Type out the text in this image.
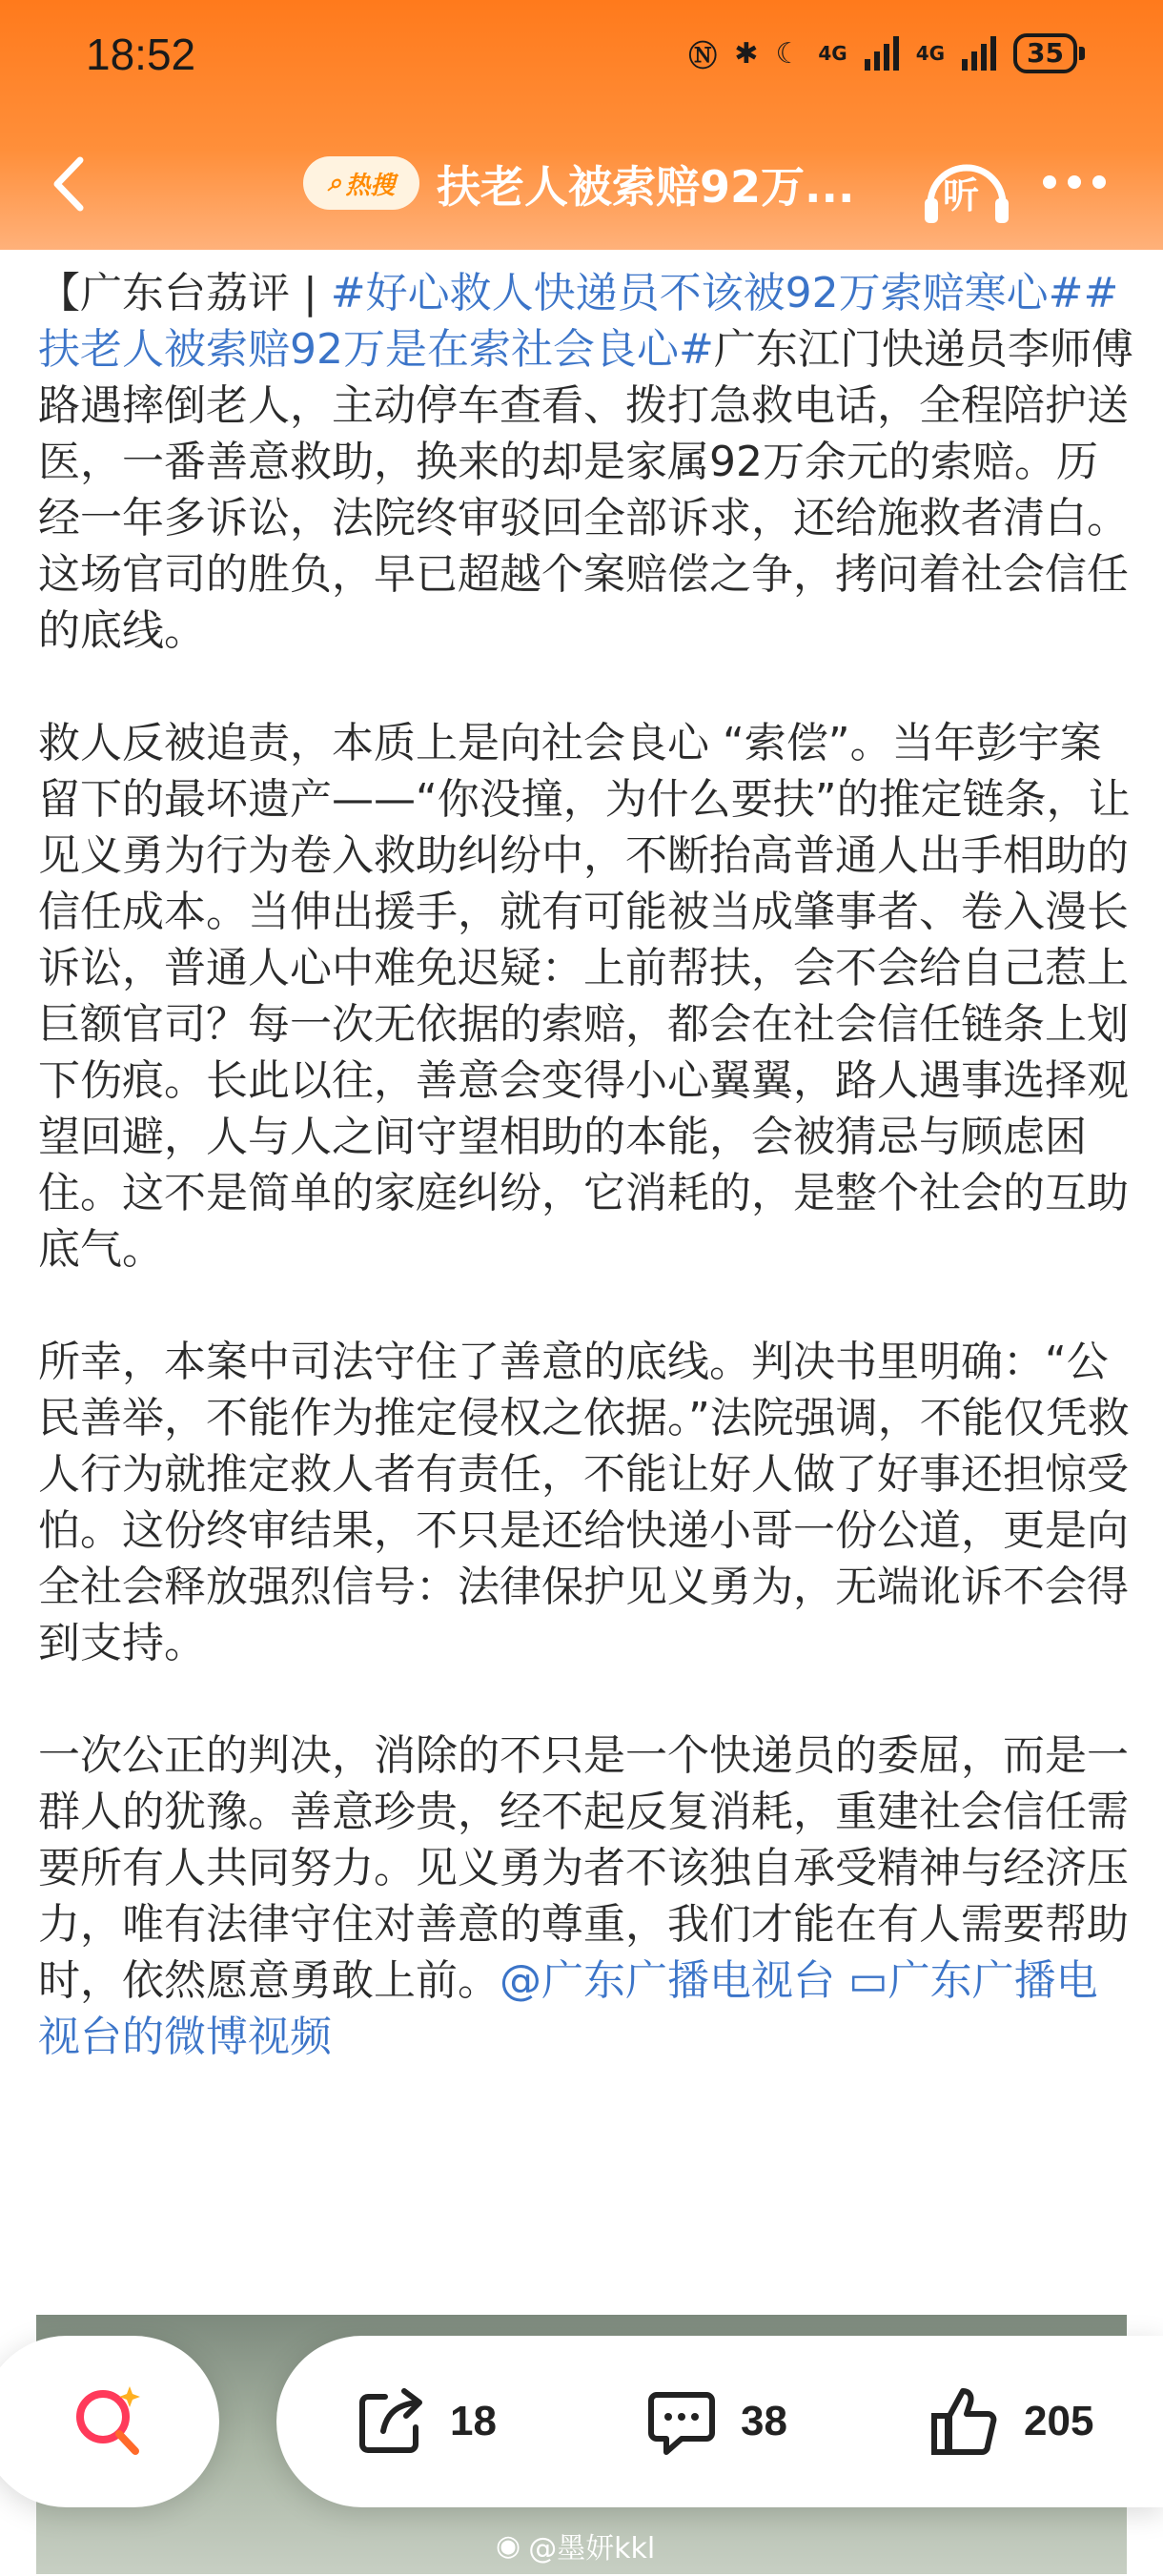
18:52	Ⓝ ✱ ☾ 4G	4G	35
⌕ 热搜 扶老人被索赔92万... 听

【广东台荔评 | #好心救人快递员不该被92万索赔寒心##扶老人被索赔92万是在索社会良心#广东江门快递员李师傅路遇摔倒老人，主动停车查看、拨打急救电话，全程陪护送医，一番善意救助，换来的却是家属92万余元的索赔。历经一年多诉讼，法院终审驳回全部诉求，还给施救者清白。这场官司的胜负，早已超越个案赔偿之争，拷问着社会信任的底线。

救人反被追责，本质上是向社会良心 “索偿”。当年彭宇案留下的最坏遗产——“你没撞，为什么要扶”的推定链条，让见义勇为行为卷入救助纠纷中，不断抬高普通人出手相助的信任成本。当伸出援手，就有可能被当成肇事者、卷入漫长诉讼，普通人心中难免迟疑：上前帮扶，会不会给自己惹上巨额官司？每一次无依据的索赔，都会在社会信任链条上划下伤痕。长此以往，善意会变得小心翼翼，路人遇事选择观望回避，人与人之间守望相助的本能，会被猜忌与顾虑困住。这不是简单的家庭纠纷，它消耗的，是整个社会的互助底气。

所幸，本案中司法守住了善意的底线。判决书里明确：“公民善举，不能作为推定侵权之依据。”法院强调，不能仅凭救人行为就推定救人者有责任，不能让好人做了好事还担惊受怕。这份终审结果，不只是还给快递小哥一份公道，更是向全社会释放强烈信号：法律保护见义勇为，无端讹诉不会得到支持。

一次公正的判决，消除的不只是一个快递员的委屈，而是一群人的犹豫。善意珍贵，经不起反复消耗，重建社会信任需要所有人共同努力。见义勇为者不该独自承受精神与经济压力，唯有法律守住对善意的尊重，我们才能在有人需要帮助时，依然愿意勇敢上前。@广东广播电视台 ▭广东广播电视台的微博视频

18	38	205
◉ @墨妍kkl
